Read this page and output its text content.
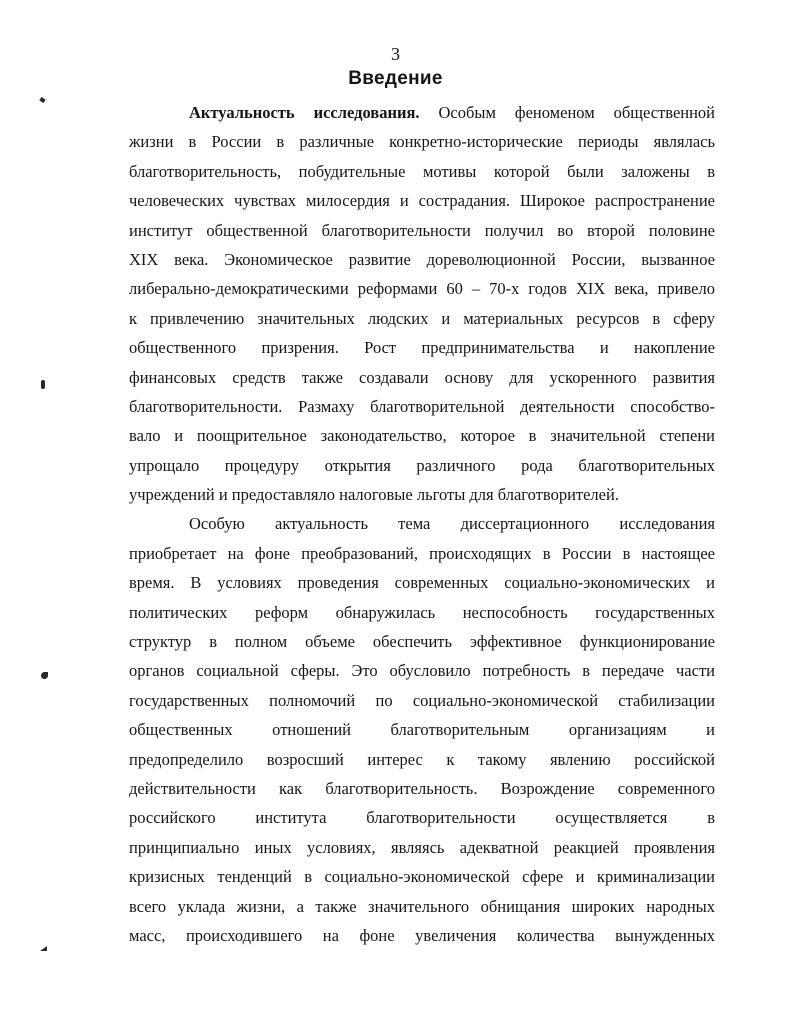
3
Введение
Актуальность исследования. Особым феноменом общественной
жизни в России в различные конкретно-исторические периоды являлась
благотворительность, побудительные мотивы которой были заложены в
человеческих чувствах милосердия и сострадания. Широкое распространение
институт общественной благотворительности получил во второй половине
XIX века. Экономическое развитие дореволюционной России, вызванное
либерально-демократическими реформами 60 – 70-х годов XIX века, привело
к привлечению значительных людских и материальных ресурсов в сферу
общественного призрения. Рост предпринимательства и накопление
финансовых средств также создавали основу для ускоренного развития
благотворительности. Размаху благотворительной деятельности способство-
вало и поощрительное законодательство, которое в значительной степени
упрощало процедуру открытия различного рода благотворительных
учреждений и предоставляло налоговые льготы для благотворителей.
Особую актуальность тема диссертационного исследования
приобретает на фоне преобразований, происходящих в России в настоящее
время. В условиях проведения современных социально-экономических и
политических реформ обнаружилась неспособность государственных
структур в полном объеме обеспечить эффективное функционирование
органов социальной сферы. Это обусловило потребность в передаче части
государственных полномочий по социально-экономической стабилизации
общественных отношений благотворительным организациям и
предопределило возросший интерес к такому явлению российской
действительности как благотворительность. Возрождение современного
российского института благотворительности осуществляется в
принципиально иных условиях, являясь адекватной реакцией проявления
кризисных тенденций в социально-экономической сфере и криминализации
всего уклада жизни, а также значительного обнищания широких народных
масс, происходившего на фоне увеличения количества вынужденных
